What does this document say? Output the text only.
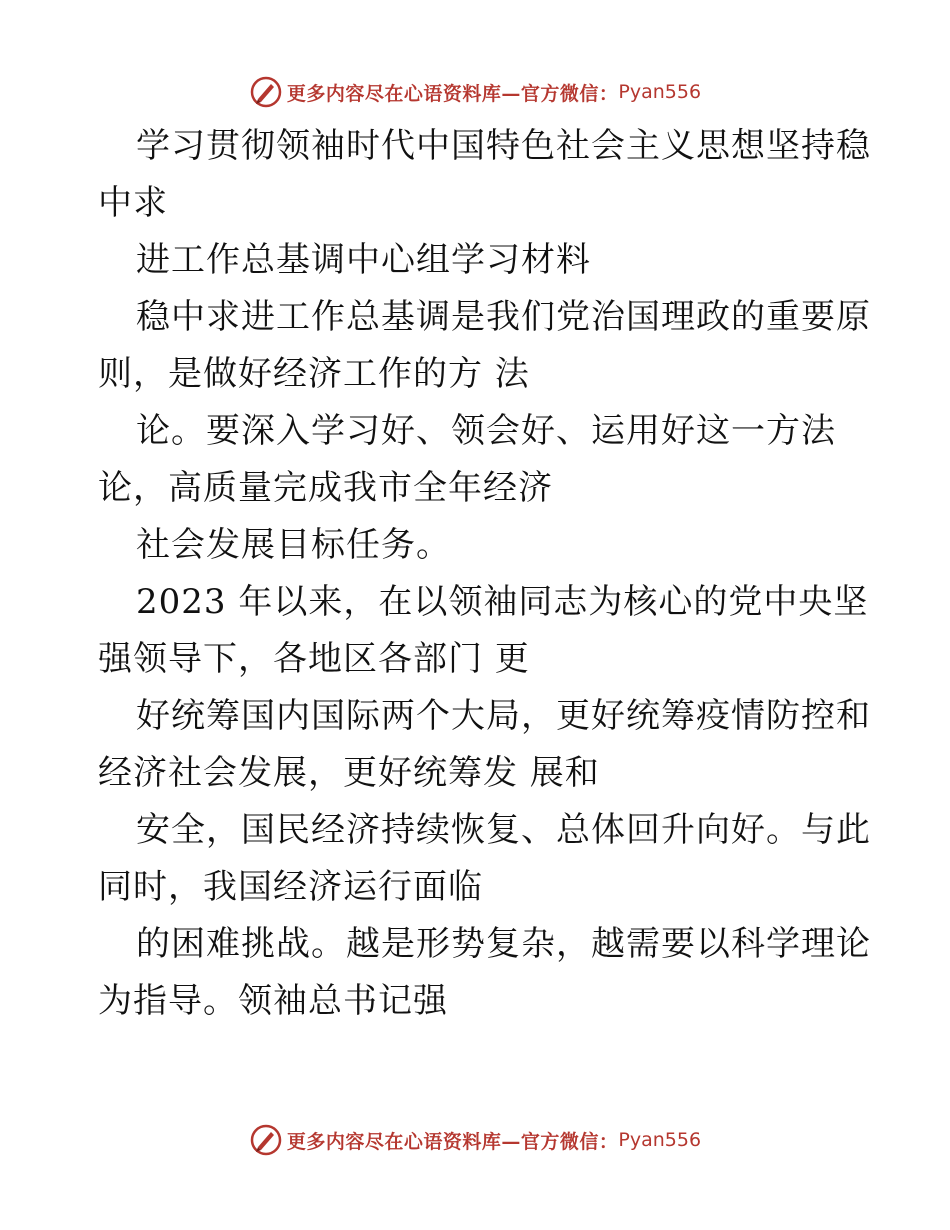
更多内容尽在心语资料库—官方微信： Pyan556
学习贯彻领袖时代中国特色社会主义思想坚持稳
中求
进工作总基调中心组学习材料
稳中求进工作总基调是我们党治国理政的重要原
则，是做好经济工作的方 法
论。要深入学习好、领会好、运用好这一方法
论，高质量完成我市全年经济
社会发展目标任务。
2023 年以来，在以领袖同志为核心的党中央坚
强领导下，各地区各部门 更
好统筹国内国际两个大局，更好统筹疫情防控和
经济社会发展，更好统筹发 展和
安全，国民经济持续恢复、总体回升向好。与此
同时，我国经济运行面临
的困难挑战。越是形势复杂，越需要以科学理论
为指导。领袖总书记强
更多内容尽在心语资料库—官方微信： Pyan556
